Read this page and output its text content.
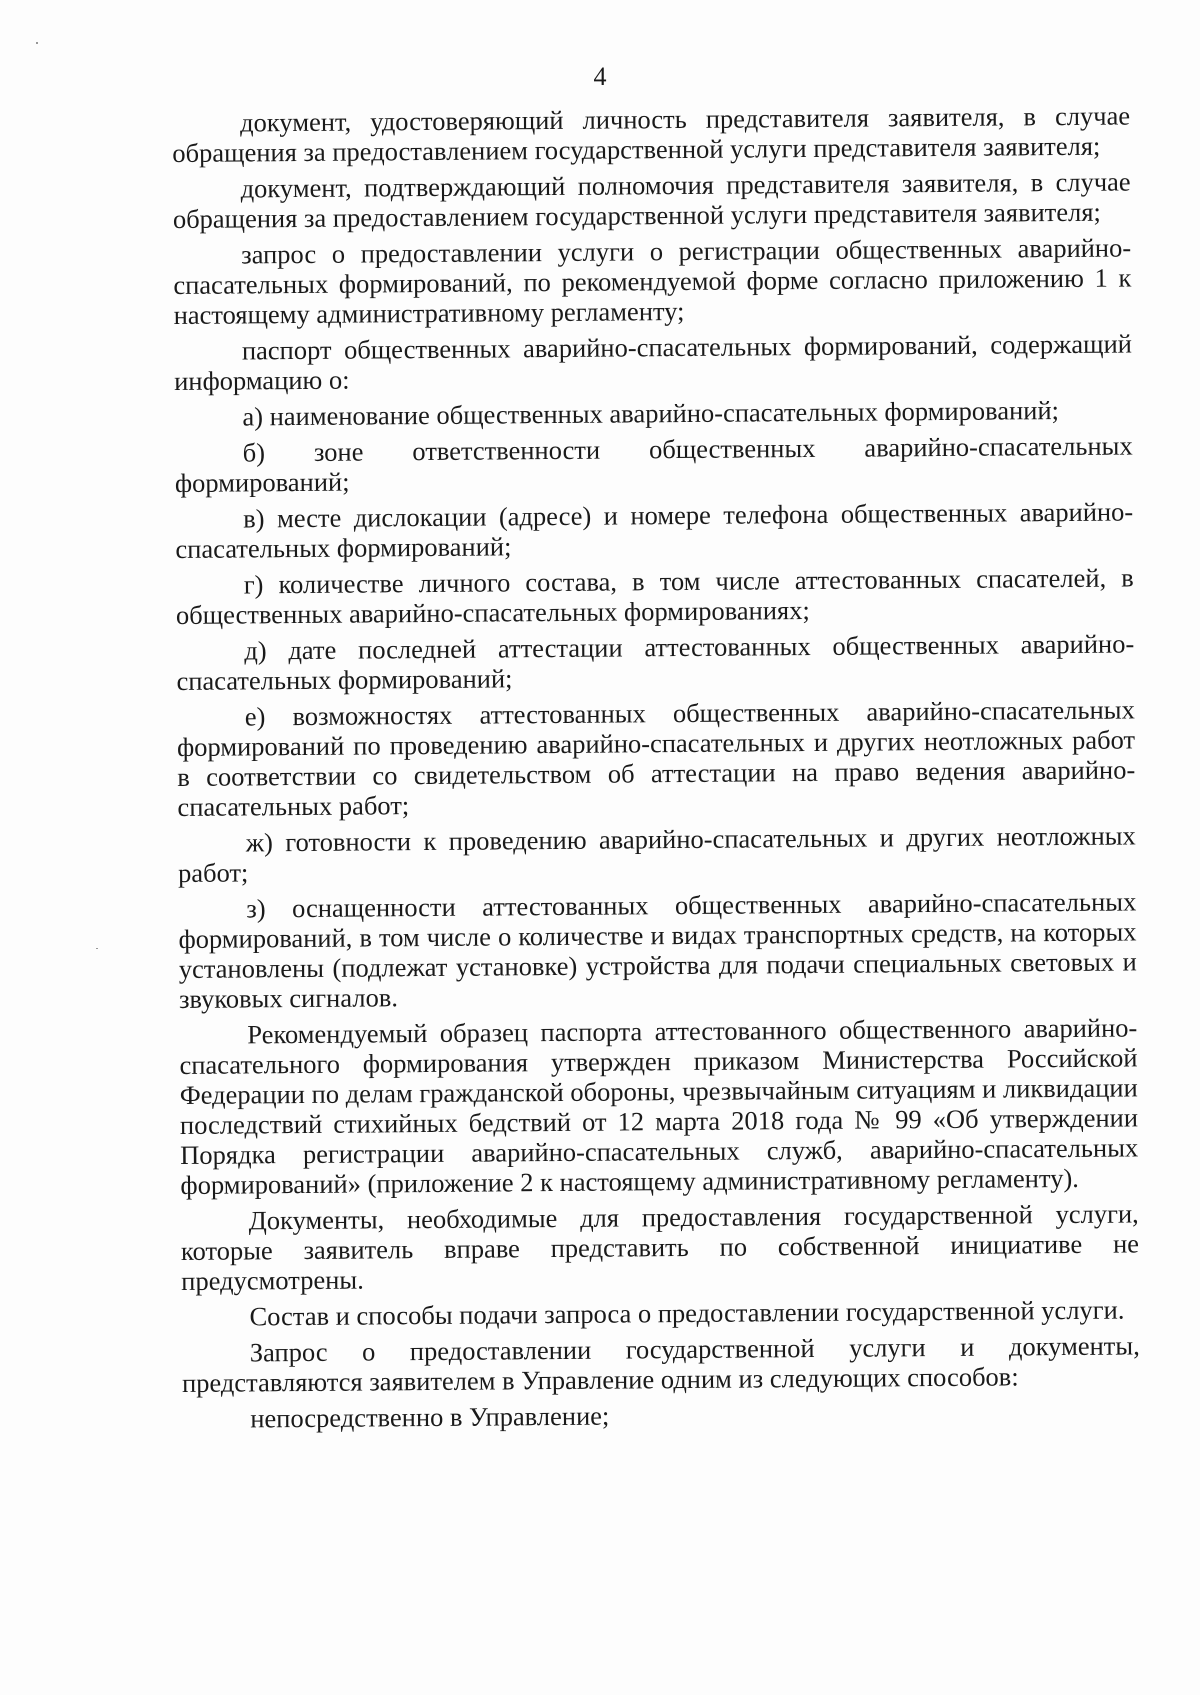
4

документ, удостоверяющий личность представителя заявителя, в случае обращения за предоставлением государственной услуги представителя заявителя;

документ, подтверждающий полномочия представителя заявителя, в случае обращения за предоставлением государственной услуги представителя заявителя;

запрос о предоставлении услуги о регистрации общественных аварийно-спасательных формирований, по рекомендуемой форме согласно приложению 1 к настоящему административному регламенту;

паспорт общественных аварийно-спасательных формирований, содержащий информацию о:

а) наименование общественных аварийно-спасательных формирований;

б) зоне ответственности общественных аварийно-спасательных формирований;

в) месте дислокации (адресе) и номере телефона общественных аварийно-спасательных формирований;

г) количестве личного состава, в том числе аттестованных спасателей, в общественных аварийно-спасательных формированиях;

д) дате последней аттестации аттестованных общественных аварийно-спасательных формирований;

е) возможностях аттестованных общественных аварийно-спасательных формирований по проведению аварийно-спасательных и других неотложных работ в соответствии со свидетельством об аттестации на право ведения аварийно-спасательных работ;

ж) готовности к проведению аварийно-спасательных и других неотложных работ;

з) оснащенности аттестованных общественных аварийно-спасательных формирований, в том числе о количестве и видах транспортных средств, на которых установлены (подлежат установке) устройства для подачи специальных световых и звуковых сигналов.

Рекомендуемый образец паспорта аттестованного общественного аварийно-спасательного формирования утвержден приказом Министерства Российской Федерации по делам гражданской обороны, чрезвычайным ситуациям и ликвидации последствий стихийных бедствий от 12 марта 2018 года № 99 «Об утверждении Порядка регистрации аварийно-спасательных служб, аварийно-спасательных формирований» (приложение 2 к настоящему административному регламенту).

Документы, необходимые для предоставления государственной услуги, которые заявитель вправе представить по собственной инициативе не предусмотрены.

Состав и способы подачи запроса о предоставлении государственной услуги.

Запрос о предоставлении государственной услуги и документы, представляются заявителем в Управление одним из следующих способов:

непосредственно в Управление;
